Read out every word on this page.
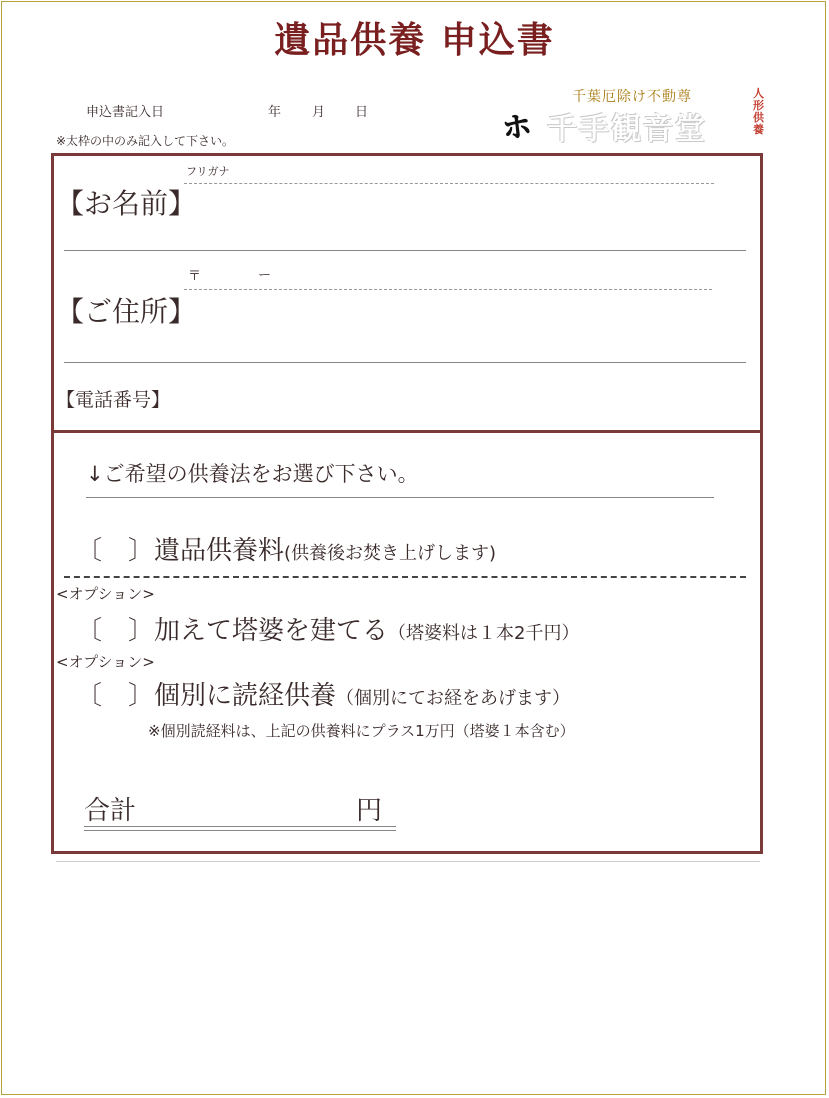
遺品供養 申込書
申込書記入日	年 月 日
※太枠の中のみ記入して下さい。	ㇹ
千葉厄除け不動尊
千手観音堂
人形供養
【お名前】
フリガナ
【ご住所】
〒	ー
【電話番号】
↓ご希望の供養法をお選び下さい。
〔　〕遺品供養料(供養後お焚き上げします)
<オプション>
〔　〕加えて塔婆を建てる（塔婆料は１本2千円）
<オプション>
〔　〕個別に読経供養（個別にてお経をあげます）
※個別読経料は、上記の供養料にプラス1万円（塔婆１本含む）
合計	円
